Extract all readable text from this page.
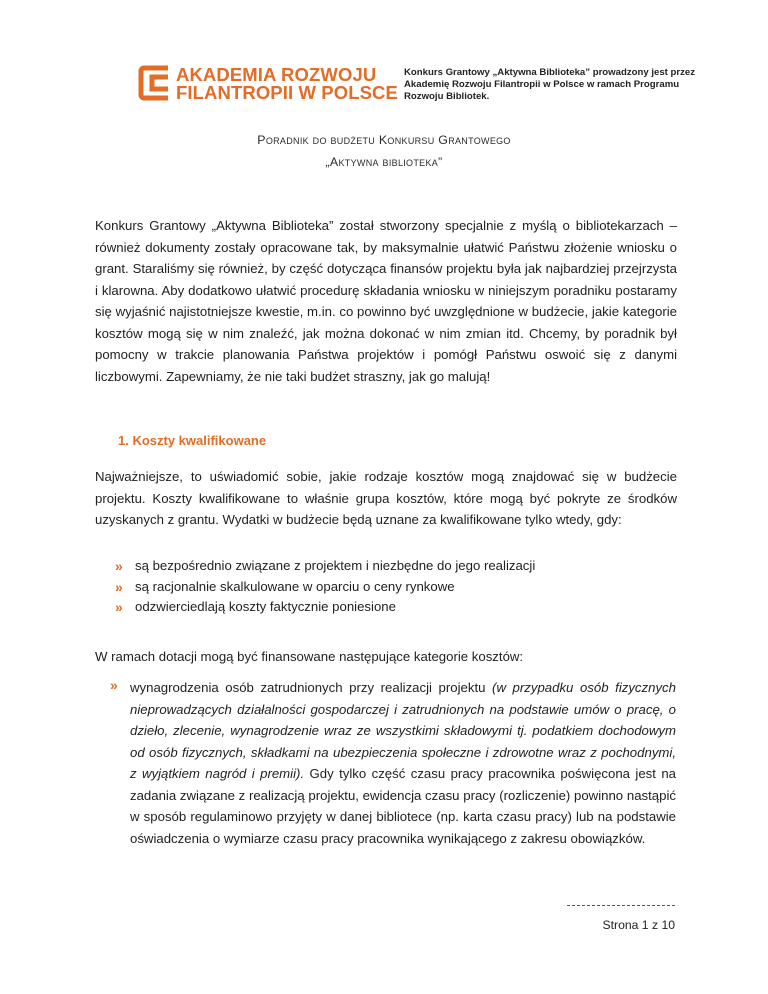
AKADEMIA ROZWOJU
FILANTROPII W POLSCE
Konkurs Grantowy „Aktywna Biblioteka” prowadzony jest przez Akademię Rozwoju Filantropii w Polsce w ramach Programu Rozwoju Bibliotek.
Poradnik do budżetu Konkursu Grantowego
„Aktywna biblioteka”
Konkurs Grantowy „Aktywna Biblioteka” został stworzony specjalnie z myślą o bibliotekarzach – również dokumenty zostały opracowane tak, by maksymalnie ułatwić Państwu złożenie wniosku o grant. Staraliśmy się również, by część dotycząca finansów projektu była jak najbardziej przejrzysta i klarowna. Aby dodatkowo ułatwić procedurę składania wniosku w niniejszym poradniku postaramy się wyjaśnić najistotniejsze kwestie, m.in. co powinno być uwzględnione w budżecie, jakie kategorie kosztów mogą się w nim znaleźć, jak można dokonać w nim zmian itd. Chcemy, by poradnik był pomocny w trakcie planowania Państwa projektów i pomógł Państwu oswoić się z danymi liczbowymi. Zapewniamy, że nie taki budżet straszny, jak go malują!
1. Koszty kwalifikowane
Najważniejsze, to uświadomić sobie, jakie rodzaje kosztów mogą znajdować się w budżecie projektu. Koszty kwalifikowane to właśnie grupa kosztów, które mogą być pokryte ze środków uzyskanych z grantu. Wydatki w budżecie będą uznane za kwalifikowane tylko wtedy, gdy:
» są bezpośrednio związane z projektem i niezbędne do jego realizacji
» są racjonalnie skalkulowane w oparciu o ceny rynkowe
» odzwierciedlają koszty faktycznie poniesione
W ramach dotacji mogą być finansowane następujące kategorie kosztów:
» wynagrodzenia osób zatrudnionych przy realizacji projektu (w przypadku osób fizycznych nieprowadzących działalności gospodarczej i zatrudnionych na podstawie umów o pracę, o dzieło, zlecenie, wynagrodzenie wraz ze wszystkimi składowymi tj. podatkiem dochodowym od osób fizycznych, składkami na ubezpieczenia społeczne i zdrowotne wraz z pochodnymi, z wyjątkiem nagród i premii). Gdy tylko część czasu pracy pracownika poświęcona jest na zadania związane z realizacją projektu, ewidencja czasu pracy (rozliczenie) powinno nastąpić w sposób regulaminowo przyjęty w danej bibliotece (np. karta czasu pracy) lub na podstawie oświadczenia o wymiarze czasu pracy pracownika wynikającego z zakresu obowiązków.
Strona 1 z 10
